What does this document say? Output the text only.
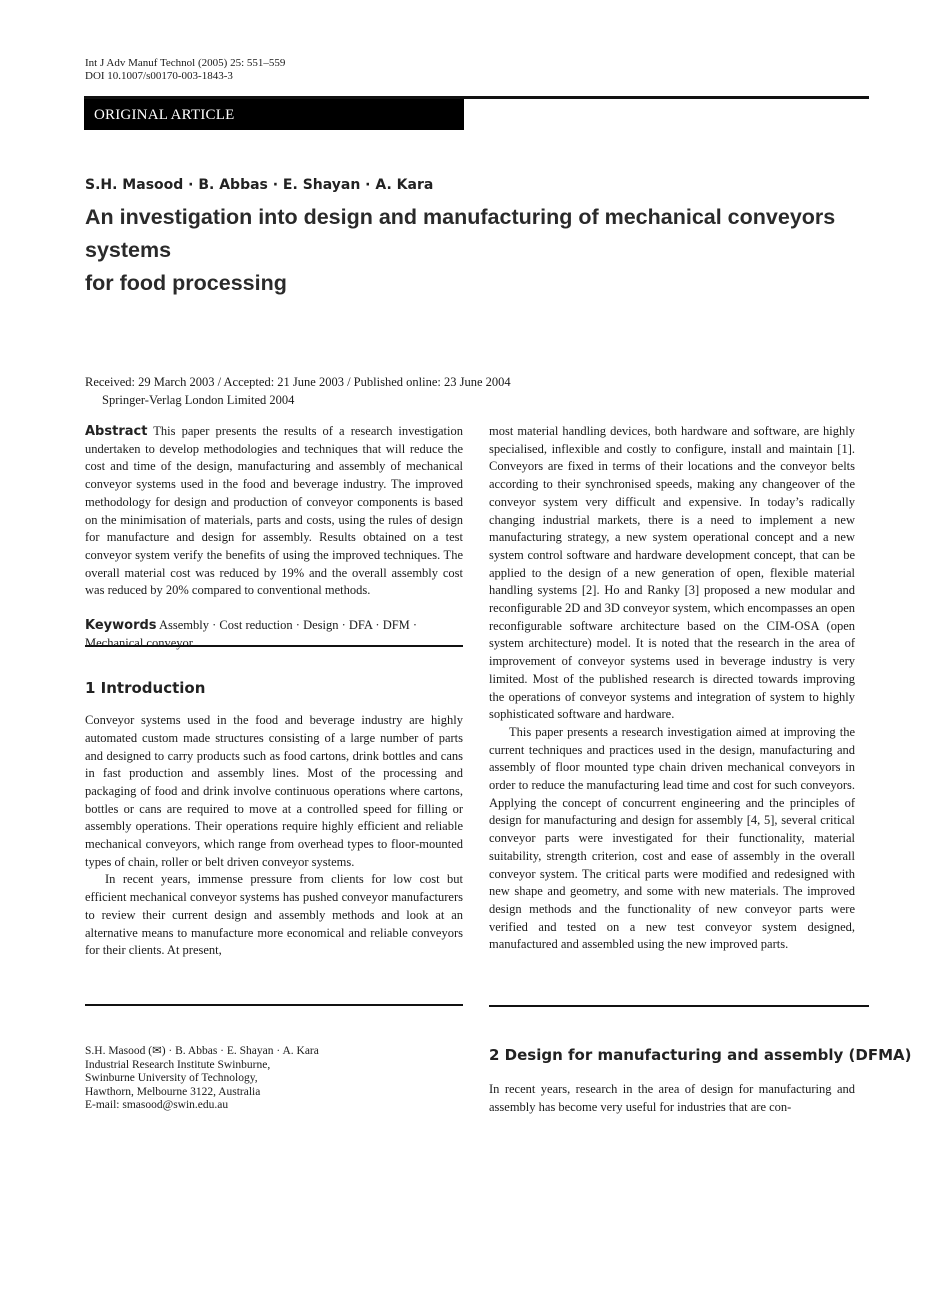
Int J Adv Manuf Technol (2005) 25: 551–559
DOI 10.1007/s00170-003-1843-3
ORIGINAL ARTICLE
S.H. Masood · B. Abbas · E. Shayan · A. Kara
An investigation into design and manufacturing of mechanical conveyors
systems
for food processing
Received: 29 March 2003 / Accepted: 21 June 2003 / Published online: 23 June 2004
Springer-Verlag London Limited 2004

Abstract This paper presents the results of a research investigation undertaken to develop methodologies and techniques that will reduce the cost and time of the design, manufacturing and assembly of mechanical conveyor systems used in the food and beverage industry. The improved methodology for design and production of conveyor components is based on the minimisation of materials, parts and costs, using the rules of design for manufacture and design for assembly. Results obtained on a test conveyor system verify the benefits of using the improved techniques. The overall material cost was reduced by 19% and the overall assembly cost was reduced by 20% compared to conventional methods.

Keywords Assembly · Cost reduction · Design · DFA · DFM · Mechanical conveyor

1 Introduction

Conveyor systems used in the food and beverage industry are highly automated custom made structures consisting of a large number of parts and designed to carry products such as food cartons, drink bottles and cans in fast production and assembly lines. Most of the processing and packaging of food and drink involve continuous operations where cartons, bottles or cans are required to move at a controlled speed for filling or assembly operations. Their operations require highly efficient and reliable mechanical conveyors, which range from overhead types to floor-mounted types of chain, roller or belt driven conveyor systems.

In recent years, immense pressure from clients for low cost but efficient mechanical conveyor systems has pushed conveyor manufacturers to review their current design and assembly methods and look at an alternative means to manufacture more economical and reliable conveyors for their clients. At present,

most material handling devices, both hardware and software, are highly specialised, inflexible and costly to configure, install and maintain [1]. Conveyors are fixed in terms of their locations and the conveyor belts according to their synchronised speeds, making any changeover of the conveyor system very difficult and expensive. In today’s radically changing industrial markets, there is a need to implement a new manufacturing strategy, a new system operational concept and a new system control software and hardware development concept, that can be applied to the design of a new generation of open, flexible material handling systems [2]. Ho and Ranky [3] proposed a new modular and reconfigurable 2D and 3D conveyor system, which encompasses an open reconfigurable software architecture based on the CIM-OSA (open system architecture) model. It is noted that the research in the area of improvement of conveyor systems used in beverage industry is very limited. Most of the published research is directed towards improving the operations of conveyor systems and integration of system to highly sophisticated software and hardware.

This paper presents a research investigation aimed at improving the current techniques and practices used in the design, manufacturing and assembly of floor mounted type chain driven mechanical conveyors in order to reduce the manufacturing lead time and cost for such conveyors. Applying the concept of concurrent engineering and the principles of design for manufacturing and design for assembly [4, 5], several critical conveyor parts were investigated for their functionality, material suitability, strength criterion, cost and ease of assembly in the overall conveyor system. The critical parts were modified and redesigned with new shape and geometry, and some with new materials. The improved design methods and the functionality of new conveyor parts were verified and tested on a new test conveyor system designed, manufactured and assembled using the new improved parts.

2 Design for manufacturing and assembly (DFMA)

In recent years, research in the area of design for manufacturing and assembly has become very useful for industries that are con-

S.H. Masood (✉) · B. Abbas · E. Shayan · A. Kara
Industrial Research Institute Swinburne,
Swinburne University of Technology,
Hawthorn, Melbourne 3122, Australia
E-mail: smasood@swin.edu.au
